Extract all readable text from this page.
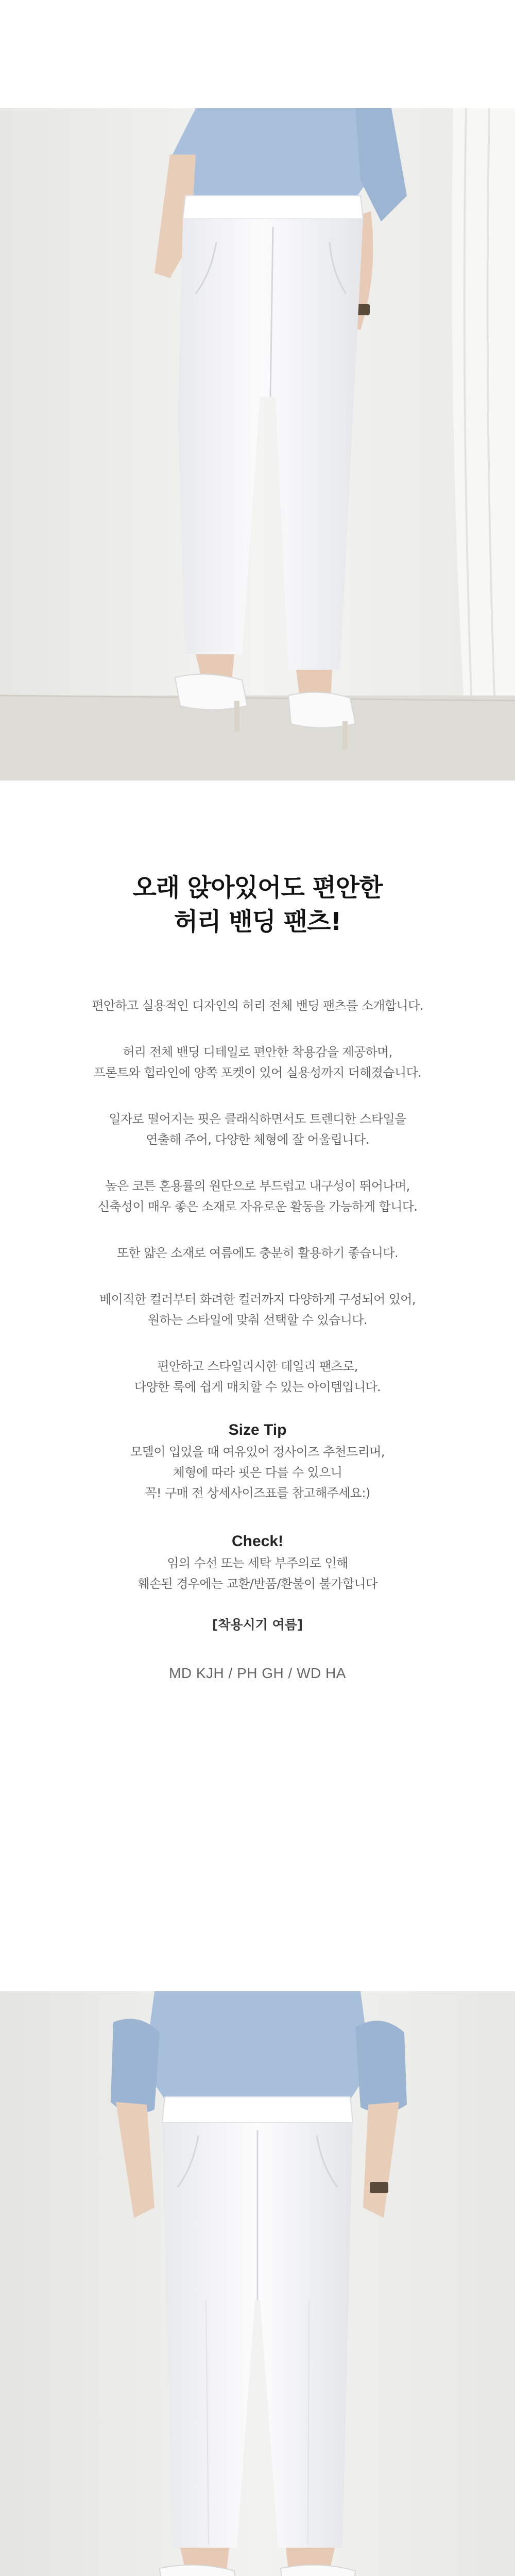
오래 앉아있어도 편안한
허리 밴딩 팬츠!

편안하고 실용적인 디자인의 허리 전체 밴딩 팬츠를 소개합니다.

허리 전체 밴딩 디테일로 편안한 착용감을 제공하며,
프론트와 힙라인에 양쪽 포켓이 있어 실용성까지 더해졌습니다.

일자로 떨어지는 핏은 클래식하면서도 트렌디한 스타일을
연출해 주어, 다양한 체형에 잘 어울립니다.

높은 코튼 혼용률의 원단으로 부드럽고 내구성이 뛰어나며,
신축성이 매우 좋은 소재로 자유로운 활동을 가능하게 합니다.

또한 얇은 소재로 여름에도 충분히 활용하기 좋습니다.

베이직한 컬러부터 화려한 컬러까지 다양하게 구성되어 있어,
원하는 스타일에 맞춰 선택할 수 있습니다.

편안하고 스타일리시한 데일리 팬츠로,
다양한 룩에 쉽게 매치할 수 있는 아이템입니다.

Size Tip

모델이 입었을 때 여유있어 정사이즈 추천드리며,
체형에 따라 핏은 다를 수 있으니
꼭! 구매 전 상세사이즈표를 참고해주세요:)

Check!

임의 수선 또는 세탁 부주의로 인해
훼손된 경우에는 교환/반품/환불이 불가합니다

[착용시기 여름]

MD KJH / PH GH / WD HA
